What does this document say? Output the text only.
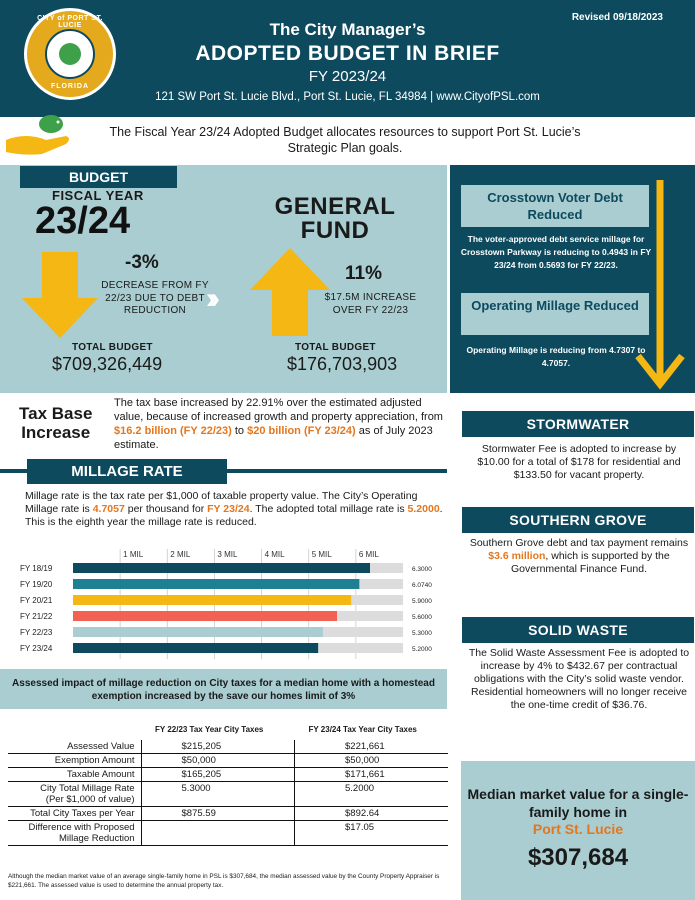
CITY of PORT ST. LUCIE
FLORIDA
Revised 09/18/2023
The City Manager’s
ADOPTED BUDGET IN BRIEF
FY 2023/24
121 SW Port St. Lucie Blvd., Port St. Lucie, FL 34984 | www.CityofPSL.com
The Fiscal Year 23/24 Adopted Budget allocates resources to support Port St. Lucie’s Strategic Plan goals.
BUDGET
FISCAL YEAR
23/24
-3%
DECREASE FROM FY 22/23 DUE TO DEBT REDUCTION
TOTAL BUDGET
$709,326,449
››
GENERAL FUND
11%
$17.5M INCREASE OVER FY 22/23
TOTAL BUDGET
$176,703,903
Crosstown Voter Debt Reduced
The voter-approved debt service millage for Crosstown Parkway is reducing to 0.4943 in FY 23/24 from 0.5693 for FY 22/23.
Operating Millage Reduced
Operating Millage is reducing from 4.7307 to 4.7057.
Tax Base
Increase
The tax base increased by 22.91% over the estimated adjusted value, because of increased growth and property appreciation, from $16.2 billion (FY 22/23) to $20 billion (FY 23/24) as of July 2023 estimate.
MILLAGE RATE
Millage rate is the tax rate per $1,000 of taxable property value. The City’s Operating Millage rate is 4.7057 per thousand for FY 23/24. The adopted total millage rate is 5.2000. This is the eighth year the millage rate is reduced.
1 MIL	2 MIL	3 MIL	4 MIL	5 MIL	6 MIL
FY 18/19	6.3000
FY 19/20	6.0740
FY 20/21	5.9000
FY 21/22	5.6000
FY 22/23	5.3000
FY 23/24	5.2000
Assessed impact of millage reduction on City taxes for a median home with a homestead exemption increased by the save our homes limit of 3%
	FY 22/23 Tax Year City Taxes	FY 23/24 Tax Year City Taxes

Assessed Value	$215,205	$221,661

Exemption Amount	$50,000	$50,000

Taxable Amount	$165,205	$171,661

City Total Millage Rate
(Per $1,000 of value)	5.3000	5.2000

Total City Taxes per Year	$875.59	$892.64

Difference with Proposed
Millage Reduction		$17.05
Although the median market value of an average single-family home in PSL is $307,684, the median assessed value by the County Property Appraiser is $221,661. The assessed value is used to determine the annual property tax.
STORMWATER
Stormwater Fee is adopted to increase by $10.00 for a total of $178 for residential and $133.50 for vacant property.
SOUTHERN GROVE
Southern Grove debt and tax payment remains $3.6 million, which is supported by the Governmental Finance Fund.
SOLID WASTE
The Solid Waste Assessment Fee is adopted to increase by 4% to $432.67 per contractual obligations with the City’s solid waste vendor. Residential homeowners will no longer receive the one-time credit of $36.76.
Median market value for a single-family home in
Port St. Lucie
$307,684
